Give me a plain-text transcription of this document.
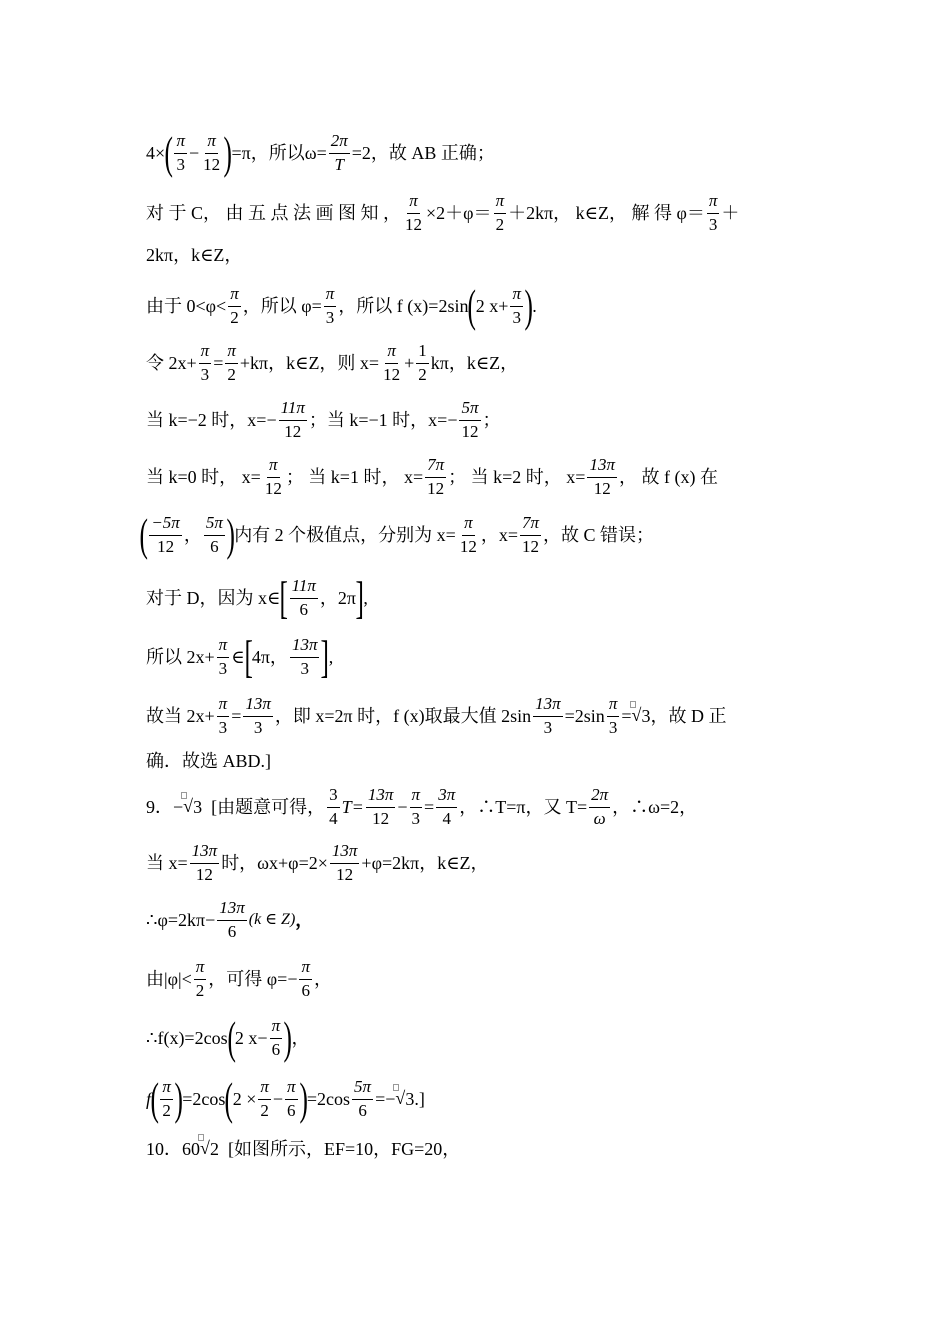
4× ( $\frac{\pi}{3} - \frac{\pi}{12}$ ) =π，所以$\omega= \frac{2\pi}{T} =2$，故 AB 正确；
对 于 C， 由 五 点 法 画 图 知 ， $\frac{\pi}{12} \times 2+\varphi= \frac{\pi}{2} +2k\pi$， k∈Z， 解 得 $\varphi= \frac{\pi}{3}$ ＋
2kπ，k∈Z，
由于 $0<\varphi< \frac{\pi}{2}$ ，所以 $\varphi= \frac{\pi}{3}$ ，所以 f (x)=2sin ( 2 $x+ \frac{\pi}{3}$ ) .
令 $2x+ \frac{\pi}{3} = \frac{\pi}{2} +k\pi$，k∈Z，则 $x= \frac{\pi}{12} + \frac{1}{2}$ kπ，k∈Z，
当 k=−2 时，$x=- \frac{11\pi}{12}$ ；当 k=−1 时，$x=- \frac{5\pi}{12}$ ；
当 k=0 时， $x= \frac{\pi}{12}$ ； 当 k=1 时， $x= \frac{7\pi}{12}$ ； 当 k=2 时， $x= \frac{13\pi}{12}$ ， 故 f (x) 在
( $\frac{-5\pi}{12}$ ， $\frac{5\pi}{6}$ ) 内有 2 个极值点，分别为 $x= \frac{\pi}{12}$ ，$x= \frac{7\pi}{12}$ ，故 C 错误；
对于 D，因为 x∈ [ $\frac{11\pi}{6}$ ，2π ] ,
所以 $2x+ \frac{\pi}{3}$ ∈ [ 4π， $\frac{13\pi}{3}$ ] ,
故当 $2x+ \frac{\pi}{3} = \frac{13\pi}{3}$ ，即 x=2π 时，f (x)取最大值 $2\sin \frac{13\pi}{3} =2\sin \frac{\pi}{3}$ = √ 3 ，故 D 正
确．故选 ABD.]
9．− √ 3 [由题意可得， $\frac{3}{4} T= \frac{13\pi}{12} - \frac{\pi}{3} = \frac{3\pi}{4}$ ，∴T=π，又 $T= \frac{2\pi}{\omega}$ ，∴ω=2，
当 $x= \frac{13\pi}{12}$ 时，$\omega x+\varphi=2\times \frac{13\pi}{12} +\varphi=2k\pi$，k∈Z，
∴φ=2kπ− $\frac{13\pi}{6} (k$ ∈ Z) ，
由$|\varphi|< \frac{\pi}{2}$ ，可得 $\varphi=- \frac{\pi}{6}$ ，
∴f(x)=2cos ( 2 $x- \frac{\pi}{6}$ ) ，
f ( $\frac{\pi}{2}$ ) =2cos ( $2 \times \frac{\pi}{2} - \frac{\pi}{6}$ ) $=2\cos \frac{5\pi}{6}$ =− √ 3 .]
10．60 √ 2 [如图所示，EF=10，FG=20，
